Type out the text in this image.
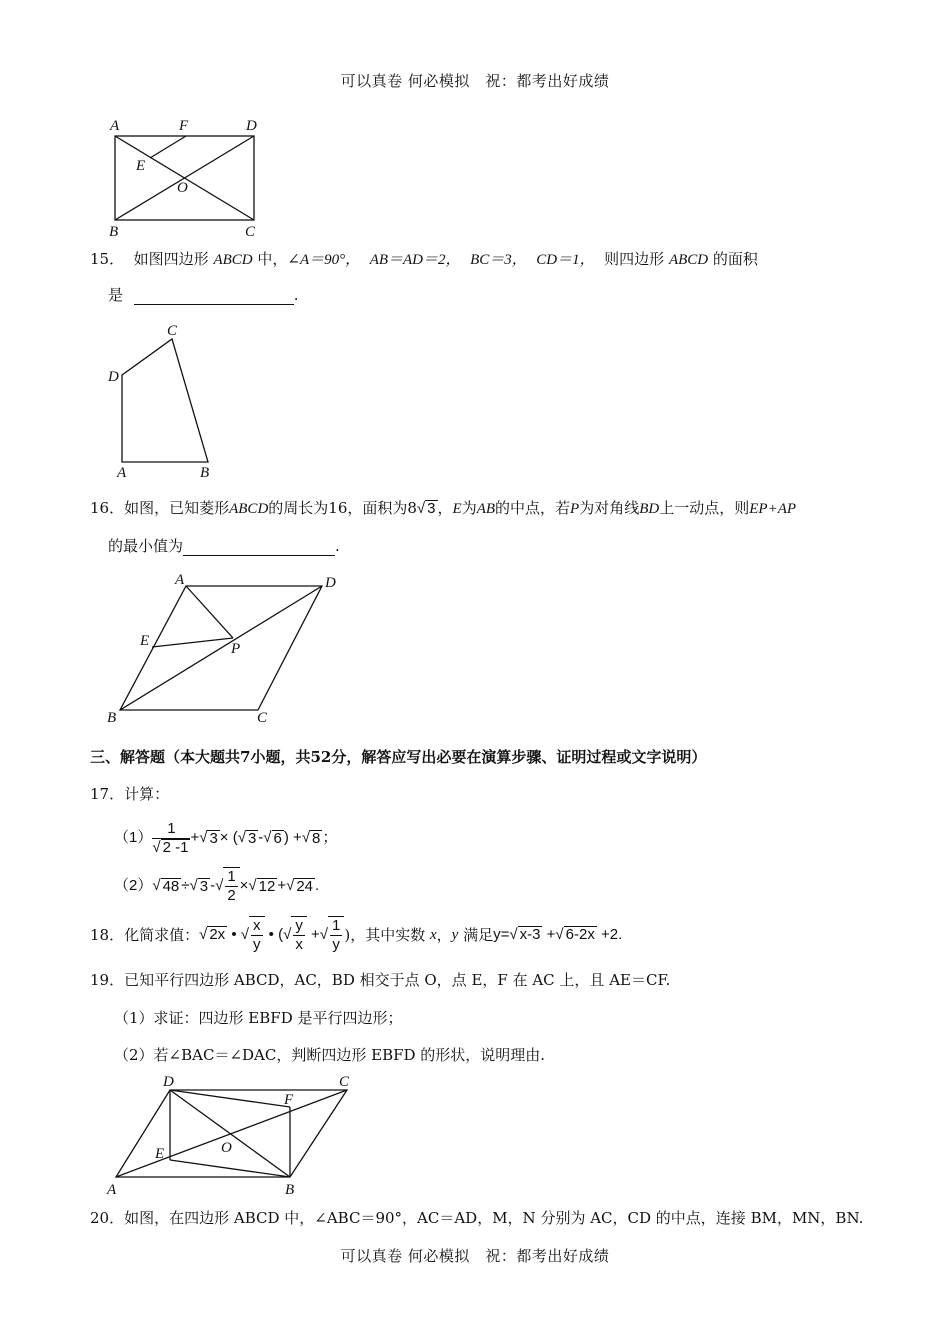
可以真卷 何必模拟　祝：都考出好成绩
A	F	D
E
O
B	C
15． 如图四边形 ABCD 中，∠A＝90°， AB＝AD＝2， BC＝3， CD＝1， 则四边形 ABCD 的面积
是	.
C
D
A	B
16．如图，已知菱形ABCD的周长为16，面积为8√ 3 ，E为AB的中点，若P为对角线BD上一动点，则EP+AP
的最小值为	.
A	D
E	P
B	C
三、解答题（本大题共7小题，共52分，解答应写出必要在演算步骤、证明过程或文字说明）
17．计算：
$(1) \frac{1}{√ 2 -1}$ + √ 3 × ( √ 3 - √ 6 ) + √ 8 ；
（2） √ 48 ÷ √ 3 - √ $\frac{1}{2}$ × √ 12 + √ 24 .
18．化简求值： √ 2x • √ $\frac{x}{y}$ • (√ $\frac{y}{x}$ +√ $\frac{1}{y}$ )，其中实数
x ， y
满足 y=√ x-3 +√ 6-2x +2.
19．已知平行四边形 ABCD，AC，BD 相交于点 O，点 E，F 在 AC 上，且 AE＝CF.
（1）求证：四边形 EBFD 是平行四边形；
（2）若∠BAC＝∠DAC，判断四边形 EBFD 的形状，说明理由.
D	C
F
O
E
A	B
20．如图，在四边形 ABCD 中，∠ABC＝90°，AC＝AD，M，N 分别为 AC，CD 的中点，连接 BM，MN，BN.
可以真卷 何必模拟　祝：都考出好成绩
